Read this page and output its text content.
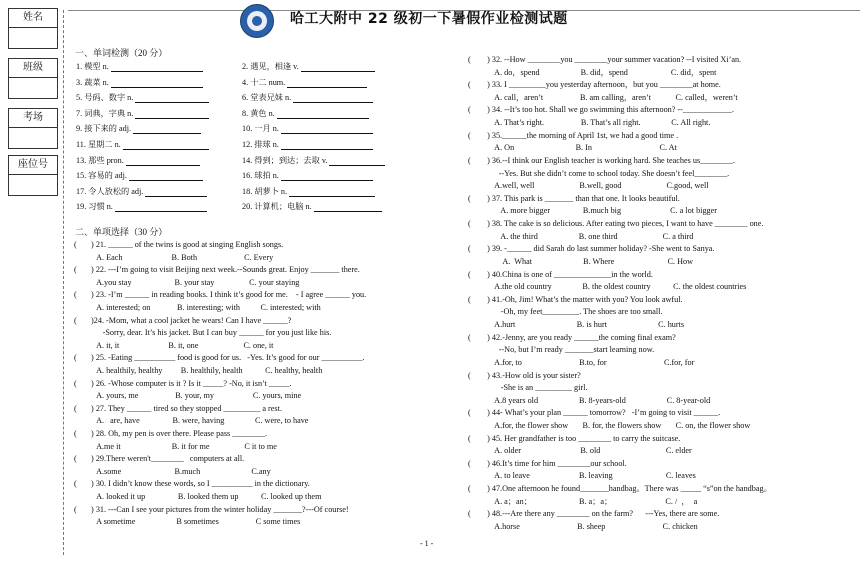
姓名
班级
考场
座位号
哈工大附中 22 级初一下暑假作业检测试题
一、单词检测（20 分）
1. 模型 n.	2. 遇见，相逢 v.
3. 蔬菜 n.	4. 十二 num.
5. 号码、数字 n.	6. 堂表兄妹 n.
7. 词典，字典 n.	8. 黄色 n.
9. 接下来的 adj.	10. 一月 n.
11. 星期二 n.	12. 排球 n.
13. 那些 pron.	14. 得到；到达；去取 v.
15. 容易的 adj.	16. 球拍 n.
17. 令人放松的 adj.	18. 胡萝卜 n.
19. 习惯 n.	20. 计算机；电脑 n.
二、单项选择（30 分）
(       ) 21. ______ of the twins is good at singing English songs.
A. Each                        B. Both                       C. Every
(       ) 22. ---I’m going to visit Beijing next week.--Sounds great. Enjoy _______ there.
A.you stay                     B. your stay                 C. your staying
(       ) 23. -I’m ______ in reading books. I think it’s good for me.    - I agree ______ you.
A. interested; on             B. interesting; with          C. interested; with
(       )24. -Mom, what a cool jacket he wears! Can I have ______?
-Sorry, dear. It’s his jacket. But I can buy ______ for you just like his.
A. it, it                        B. it, one                      C. one, it
(       ) 25. -Eating __________ food is good for us.   -Yes. It’s good for our __________.
A. healthily, healthy         B. healthily, health           C. healthy, health
(       ) 26. -Whose computer is it ? Is it _____? -No, it isn’t _____.
A. yours, me                  B. your, my                   C. yours, mine
(       ) 27. They ______ tired so they stopped _________ a rest.
A.   are, have                B. were, having               C. were, to have
(       ) 28. Oh, my pen is over there. Please pass ________.
A.me it                         B. it for me                 C it to me
(       ) 29.There weren't________   computers at all.
A.some                          B.much                         C.any
(       ) 30. I didn’t know these words, so I __________ in the dictionary.
A. looked it up                B. looked them up           C. looked up them
(       ) 31. ---Can I see your pictures from the winter holiday _______?---Of course!
A sometime                    B sometimes                  C some times
(        ) 32. --How ________you ________your summer vacation? --I visited Xi’an.
A. do，spend                    B. did，spend                     C. did，spent
(        ) 33. I _________you yesterday afternoon，but you ________at home.
A. call，aren’t                  B. am calling，aren’t            C. called，weren’t
(        ) 34. --It’s too hot. Shall we go swimming this afternoon? --____________.
A. That’s right.                  B. That’s all right.               C. All right.
(        ) 35.______the morning of April 1st, we had a good time .
A. On                              B. In                                 C. At
(        ) 36.--I think our English teacher is working hard. She teaches us________.
--Yes. But she didn’t come to school today. She doesn’t feel________.
A.well, well                      B.well, good                      C.good, well
(        ) 37. This park is _______ than that one. It looks beautiful.
A. more bigger                B.much big                        C. a lot bigger
(        ) 38. The cake is so delicious. After eating two pieces, I want to have ________ one.
A. the third                    B. one third                      C. a third
(        ) 39. -______ did Sarah do last summer holiday? -She went to Sanya.
A.  What                         B. Where                          C. How
(        ) 40.China is one of ______________in the world.
A.the old country               B. the oldest country           C. the oldest countries
(        ) 41.-Oh, Jim! What’s the matter with you? You look awful.
-Oh, my feet_________. The shoes are too small.
A.hurt                              B. is hurt                         C. hurts
(        ) 42.-Jenny, are you ready ______the coming final exam?
--No, but I’m ready _______start learning now.
A.for, to                            B.to, for                            C.for, for
(        ) 43.-How old is your sister?
-She is an _________ girl.
A.8 years old                    B. 8-years-old                    C. 8-year-old
(        ) 44- What’s your plan ______ tomorrow?   -I’m going to visit ______.
A.for, the flower show       B. for, the flowers show       C. on, the flower show
(        ) 45. Her grandfather is too ________ to carry the suitcase.
A. older                             B. old                                C. elder
(        ) 46.It’s time for him ________our school.
A. to leave                        B. leaving                          C. leaves
(        ) 47.One afternoon he found_______handbag。There was _____ “s”on the handbag。
A. a；an；                       B. a；a；                          C. /  ，  a
(        ) 48.---Are there any ________ on the farm?      ---Yes, there are some.
A.horse                            B. sheep                            C. chicken
- 1 -
